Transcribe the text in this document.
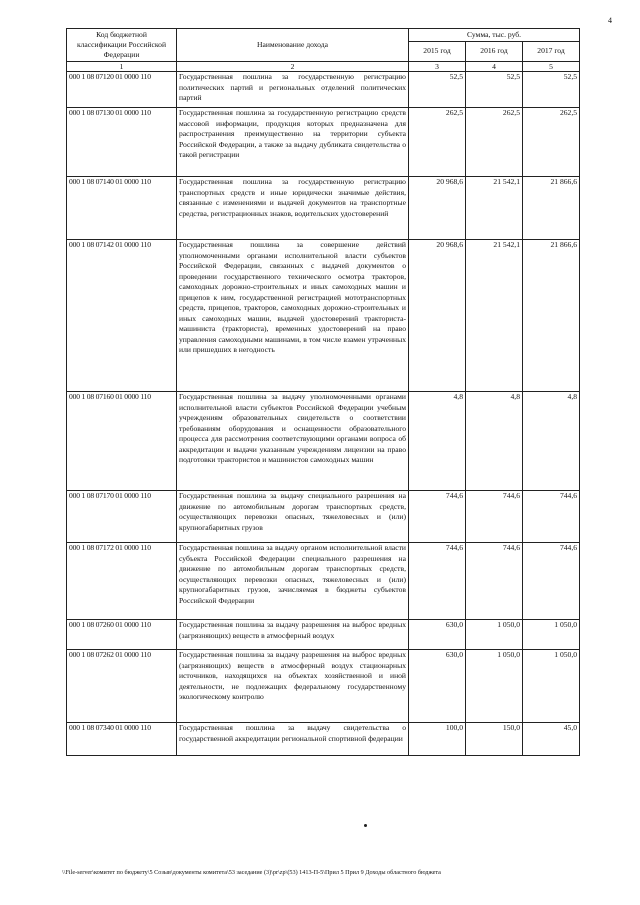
4
Код бюджетной классификации Российской Федерации	Наименование дохода	Сумма, тыс. руб.		
		2015 год	2016 год	2017 год
1	2	3	4	5
000 1 08 07120 01 0000 110	Государственная пошлина за государственную регистрацию политических партий и региональных отделений политических партий	52,5	52,5	52,5
000 1 08 07130 01 0000 110	Государственная пошлина за государственную регистрацию средств массовой информации, продукция которых предназначена для распространения преимущественно на территории субъекта Российской Федерации, а также за выдачу дубликата свидетельства о такой регистрации	262,5	262,5	262,5
000 1 08 07140 01 0000 110	Государственная пошлина за государственную регистрацию транспортных средств и иные юридически значимые действия, связанные с изменениями и выдачей документов на транспортные средства, регистрационных знаков, водительских удостоверений	20 968,6	21 542,1	21 866,6
000 1 08 07142 01 0000 110	Государственная пошлина за совершение действий уполномоченными органами исполнительной власти субъектов Российской Федерации, связанных с выдачей документов о проведении государственного технического осмотра тракторов, самоходных дорожно-строительных и иных самоходных машин и прицепов к ним, государственной регистрацией мототранспортных средств, прицепов, тракторов, самоходных дорожно-строительных и иных самоходных машин, выдачей удостоверений тракториста-машиниста (тракториста), временных удостоверений на право управления самоходными машинами, в том числе взамен утраченных или пришедших в негодность	20 968,6	21 542,1	21 866,6
000 1 08 07160 01 0000 110	Государственная пошлина за выдачу уполномоченными органами исполнительной власти субъектов Российской Федерации учебным учреждениям образовательных свидетельств о соответствии требованиям оборудования и оснащенности образовательного процесса для рассмотрения соответствующими органами вопроса об аккредитации и выдачи указанным учреждениям лицензии на право подготовки трактористов и машинистов самоходных машин	4,8	4,8	4,8
000 1 08 07170 01 0000 110	Государственная пошлина за выдачу специального разрешения на движение по автомобильным дорогам транспортных средств, осуществляющих перевозки опасных, тяжеловесных и (или) крупногабаритных грузов	744,6	744,6	744,6
000 1 08 07172 01 0000 110	Государственная пошлина за выдачу органом исполнительной власти субъекта Российской Федерации специального разрешения на движение по автомобильным дорогам транспортных средств, осуществляющих перевозки опасных, тяжеловесных и (или) крупногабаритных грузов, зачисляемая в бюджеты субъектов Российской Федерации	744,6	744,6	744,6
000 1 08 07260 01 0000 110	Государственная пошлина за выдачу разрешения на выброс вредных (загрязняющих) веществ в атмосферный воздух	630,0	1 050,0	1 050,0
000 1 08 07262 01 0000 110	Государственная пошлина за выдачу разрешения на выброс вредных (загрязняющих) веществ в атмосферный воздух стационарных источников, находящихся на объектах хозяйственной и иной деятельности, не подлежащих федеральному государственному экологическому контролю	630,0	1 050,0	1 050,0
000 1 08 07340 01 0000 110	Государственная пошлина за выдачу свидетельства о государственной аккредитации региональной спортивной федерации	100,0	150,0	45,0
\\File-server\комитет по бюджету\5 Созыв\документы комитета\53 заседание (3)\pr\zp\(53) 1413-П-5\Прил 5 Прил 9 Доходы областного бюджета
